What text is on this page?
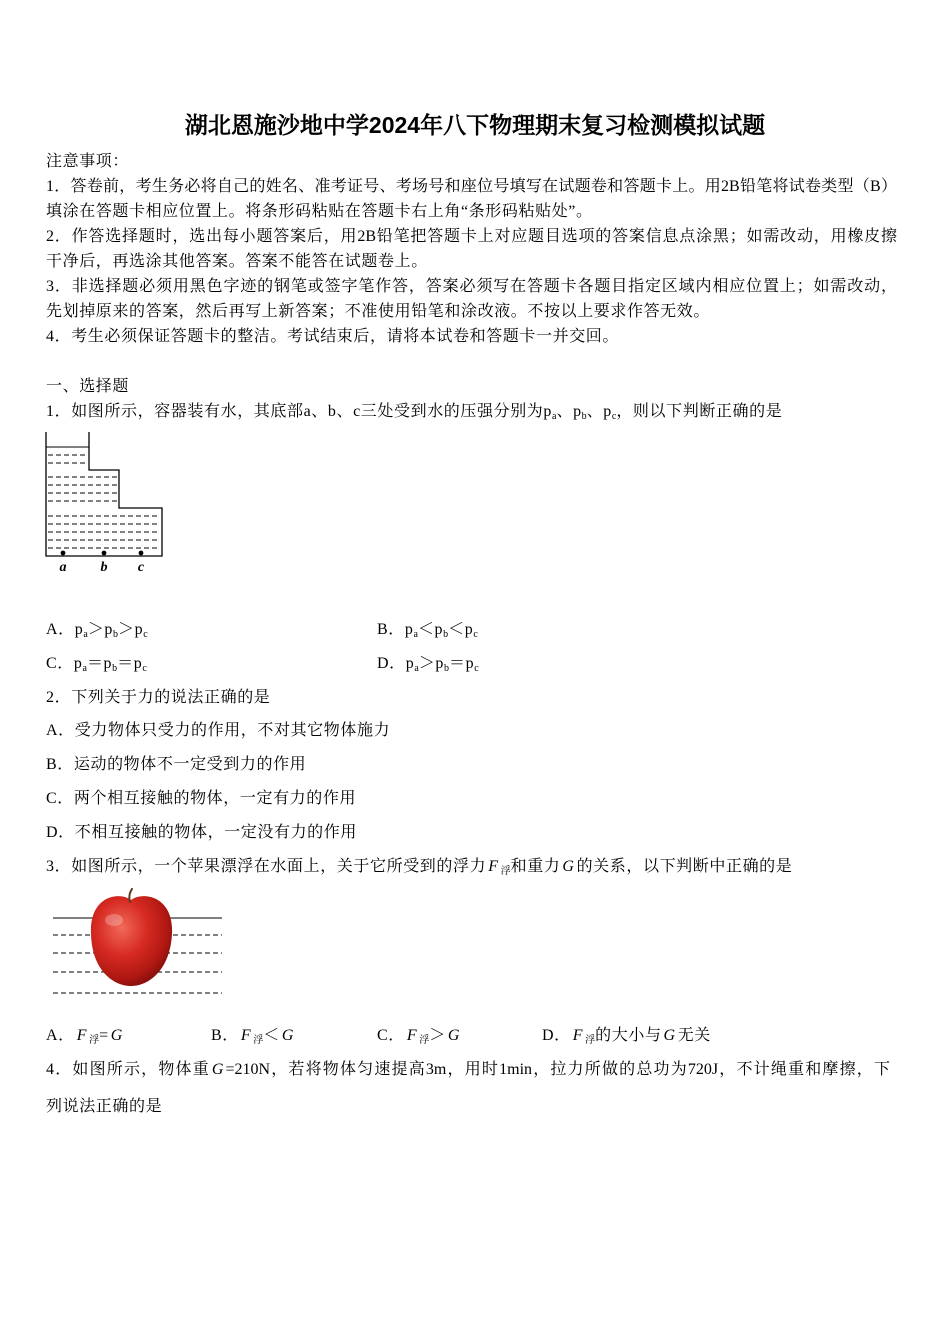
湖北恩施沙地中学2024年八下物理期末复习检测模拟试题
注意事项：
1．答卷前，考生务必将自己的姓名、准考证号、考场号和座位号填写在试题卷和答题卡上。用2B铅笔将试卷类型（B）
填涂在答题卡相应位置上。将条形码粘贴在答题卡右上角“条形码粘贴处”。
2．作答选择题时，选出每小题答案后，用2B铅笔把答题卡上对应题目选项的答案信息点涂黑；如需改动，用橡皮擦
干净后，再选涂其他答案。答案不能答在试题卷上。
3．非选择题必须用黑色字迹的钢笔或签字笔作答，答案必须写在答题卡各题目指定区域内相应位置上；如需改动，
先划掉原来的答案，然后再写上新答案；不准使用铅笔和涂改液。不按以上要求作答无效。
4．考生必须保证答题卡的整洁。考试结束后，请将本试卷和答题卡一并交回。
一、选择题
1．如图所示，容器装有水，其底部a、b、c三处受到水的压强分别为$p_a$、$p_b$、$p_c$，则以下判断正确的是
a b c
A．$p_a>p_b>p_c$	B．$p_a<p_b<p_c$
C．$p_a=p_b=p_c$	D．$p_a>p_b=p_c$
2．下列关于力的说法正确的是
A．受力物体只受力的作用，不对其它物体施力
B．运动的物体不一定受到力的作用
C．两个相互接触的物体，一定有力的作用
D．不相互接触的物体，一定没有力的作用
3．如图所示，一个苹果漂浮在水面上，关于它所受到的浮力 F $_浮$和重力 G 的关系，以下判断中正确的是
A． F $_浮$= G	B． F $_浮$＜ G	C． F $_浮$＞ G	D． F $_浮$的大小与 G 无关
4．如图所示，物体重 G =210N，若将物体匀速提高3m，用时1min，拉力所做的总功为720J，不计绳重和摩擦，下
列说法正确的是
